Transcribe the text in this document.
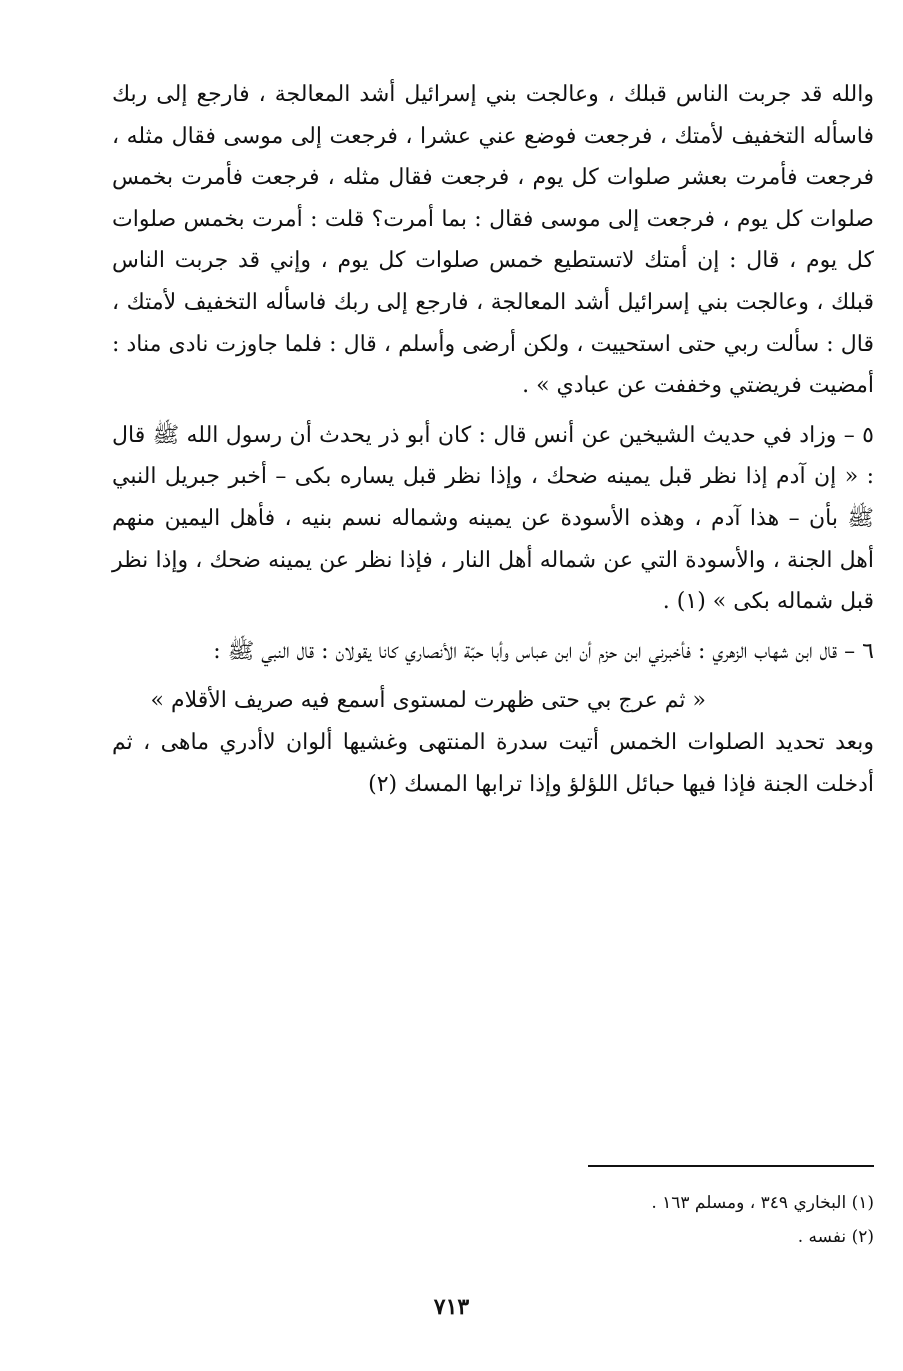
والله قد جربت الناس قبلك ، وعالجت بني إسرائيل أشد المعالجة ، فارجع إلى ربك فاسأله التخفيف لأمتك ، فرجعت فوضع عني عشرا ، فرجعت إلى موسى فقال مثله ، فرجعت فأمرت بعشر صلوات كل يوم ، فرجعت فقال مثله ، فرجعت فأمرت بخمس صلوات كل يوم ، فرجعت إلى موسى فقال : بما أمرت؟ قلت : أمرت بخمس صلوات كل يوم ، قال : إن أمتك لاتستطيع خمس صلوات كل يوم ، وإني قد جربت الناس قبلك ، وعالجت بني إسرائيل أشد المعالجة ، فارجع إلى ربك فاسأله التخفيف لأمتك ، قال : سألت ربي حتى استحييت ، ولكن أرضى وأسلم ، قال : فلما جاوزت نادى مناد : أمضيت فريضتي وخففت عن عبادي » .

٥ – وزاد في حديث الشيخين عن أنس قال : كان أبو ذر يحدث أن رسول الله ﷺ قال : « إن آدم إذا نظر قبل يمينه ضحك ، وإذا نظر قبل يساره بكى – أخبر جبريل النبي ﷺ بأن – هذا آدم ، وهذه الأسودة عن يمينه وشماله نسم بنيه ، فأهل اليمين منهم أهل الجنة ، والأسودة التي عن شماله أهل النار ، فإذا نظر عن يمينه ضحك ، وإذا نظر قبل شماله بكى » (١) .

٦ – قال ابن شهاب الزهري : فأخبرني ابن حزم أن ابن عباس وأبا حبّة الأنصاري كانا يقولان : قال النبي ﷺ :

« ثم عرج بي حتى ظهرت لمستوى أسمع فيه صريف الأقلام »

وبعد تحديد الصلوات الخمس أتيت سدرة المنتهى وغشيها ألوان لاأدري ماهى ، ثم أدخلت الجنة فإذا فيها حبائل اللؤلؤ وإذا ترابها المسك (٢)

(١) البخاري ٣٤٩ ، ومسلم ١٦٣ .

(٢) نفسه .

٧١٣
